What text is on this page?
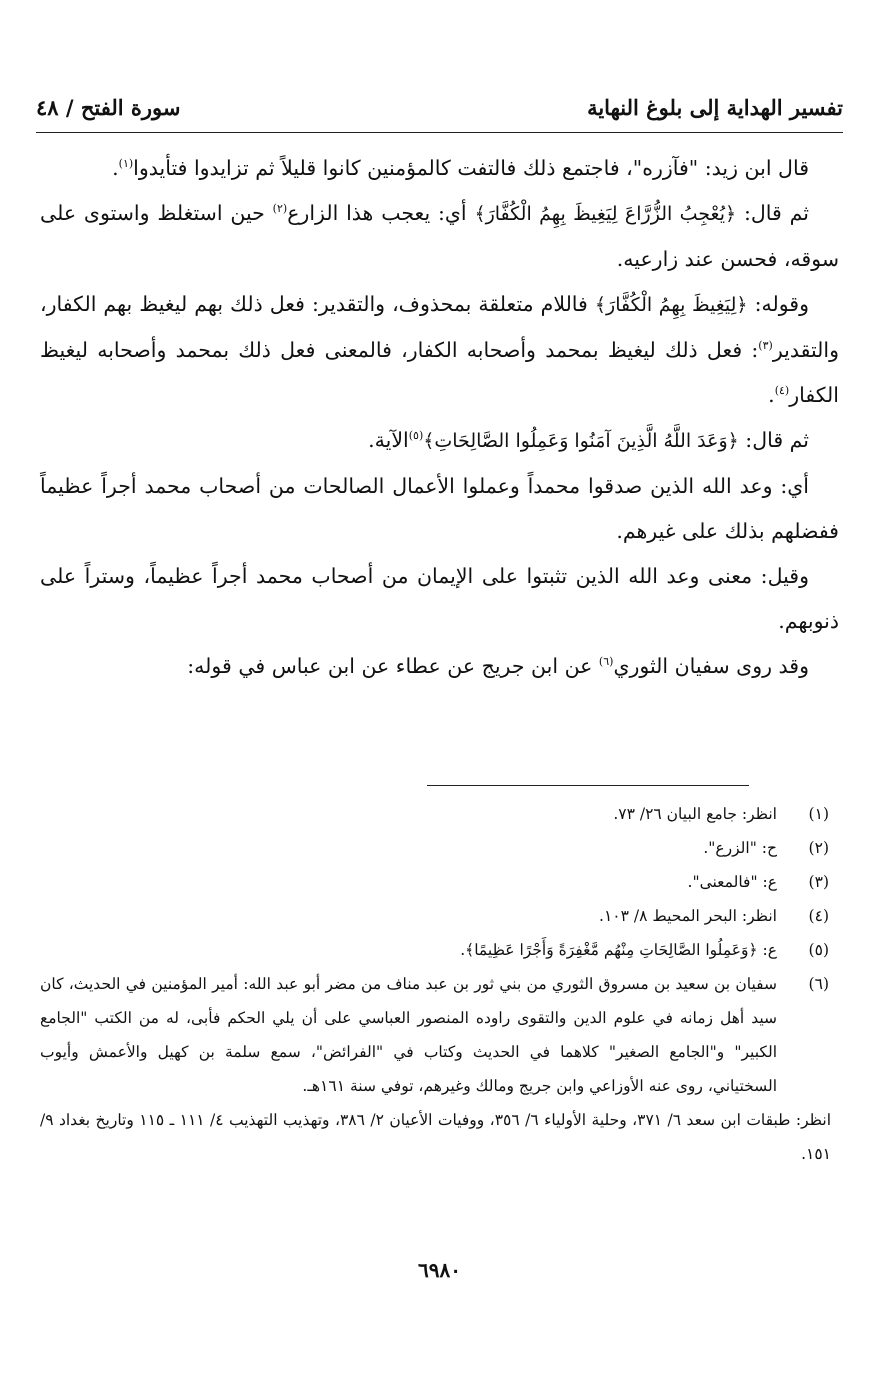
تفسير الهداية إلى بلوغ النهاية
سورة الفتح / ٤٨

قال ابن زيد: "فآزره"، فاجتمع ذلك فالتفت كالمؤمنين كانوا قليلاً ثم تزايدوا فتأيدوا$^{(١)}$.

ثم قال: ﴿يُعْجِبُ الزُّرَّاعَ لِيَغِيظَ بِهِمُ الْكُفَّارَ﴾ أي: يعجب هذا الزارع$^{(٢)}$ حين استغلظ واستوى على سوقه، فحسن عند زارعيه.

وقوله: ﴿لِيَغِيظَ بِهِمُ الْكُفَّارَ﴾ فاللام متعلقة بمحذوف، والتقدير: فعل ذلك بهم ليغيظ بهم الكفار، والتقدير$^{(٣)}$: فعل ذلك ليغيظ بمحمد وأصحابه الكفار، فالمعنى فعل ذلك بمحمد وأصحابه ليغيظ الكفار$^{(٤)}$.

ثم قال: ﴿وَعَدَ اللَّهُ الَّذِينَ آمَنُوا وَعَمِلُوا الصَّالِحَاتِ﴾$^{(٥)}$الآية.

أي: وعد الله الذين صدقوا محمداً وعملوا الأعمال الصالحات من أصحاب محمد أجراً عظيماً ففضلهم بذلك على غيرهم.

وقيل: معنى وعد الله الذين تثبتوا على الإيمان من أصحاب محمد أجراً عظيماً، وستراً على ذنوبهم.

وقد روى سفيان الثوري$^{(٦)}$ عن ابن جريج عن عطاء عن ابن عباس في قوله:

(١)
انظر: جامع البيان ٢٦/ ٧٣.
(٢)
ح: "الزرع".
(٣)
ع: "فالمعنى".
(٤)
انظر: البحر المحيط ٨/ ١٠٣.
(٥)
ع: ﴿وَعَمِلُوا الصَّالِحَاتِ مِنْهُم مَّغْفِرَةً وَأَجْرًا عَظِيمًا﴾.
(٦)
سفيان بن سعيد بن مسروق الثوري من بني ثور بن عبد مناف من مضر أبو عبد الله: أمير المؤمنين في الحديث، كان سيد أهل زمانه في علوم الدين والتقوى راوده المنصور العباسي على أن يلي الحكم فأبى، له من الكتب "الجامع الكبير" و"الجامع الصغير" كلاهما في الحديث وكتاب في "الفرائض"، سمع سلمة بن كهيل والأعمش وأيوب السختياني، روى عنه الأوزاعي وابن جريج ومالك وغيرهم، توفي سنة ١٦١هـ.
انظر: طبقات ابن سعد ٦/ ٣٧١، وحلية الأولياء ٦/ ٣٥٦، ووفيات الأعيان ٢/ ٣٨٦، وتهذيب التهذيب ٤/ ١١١ ـ ١١٥ وتاريخ بغداد ٩/ ١٥١.
٦٩٨٠
